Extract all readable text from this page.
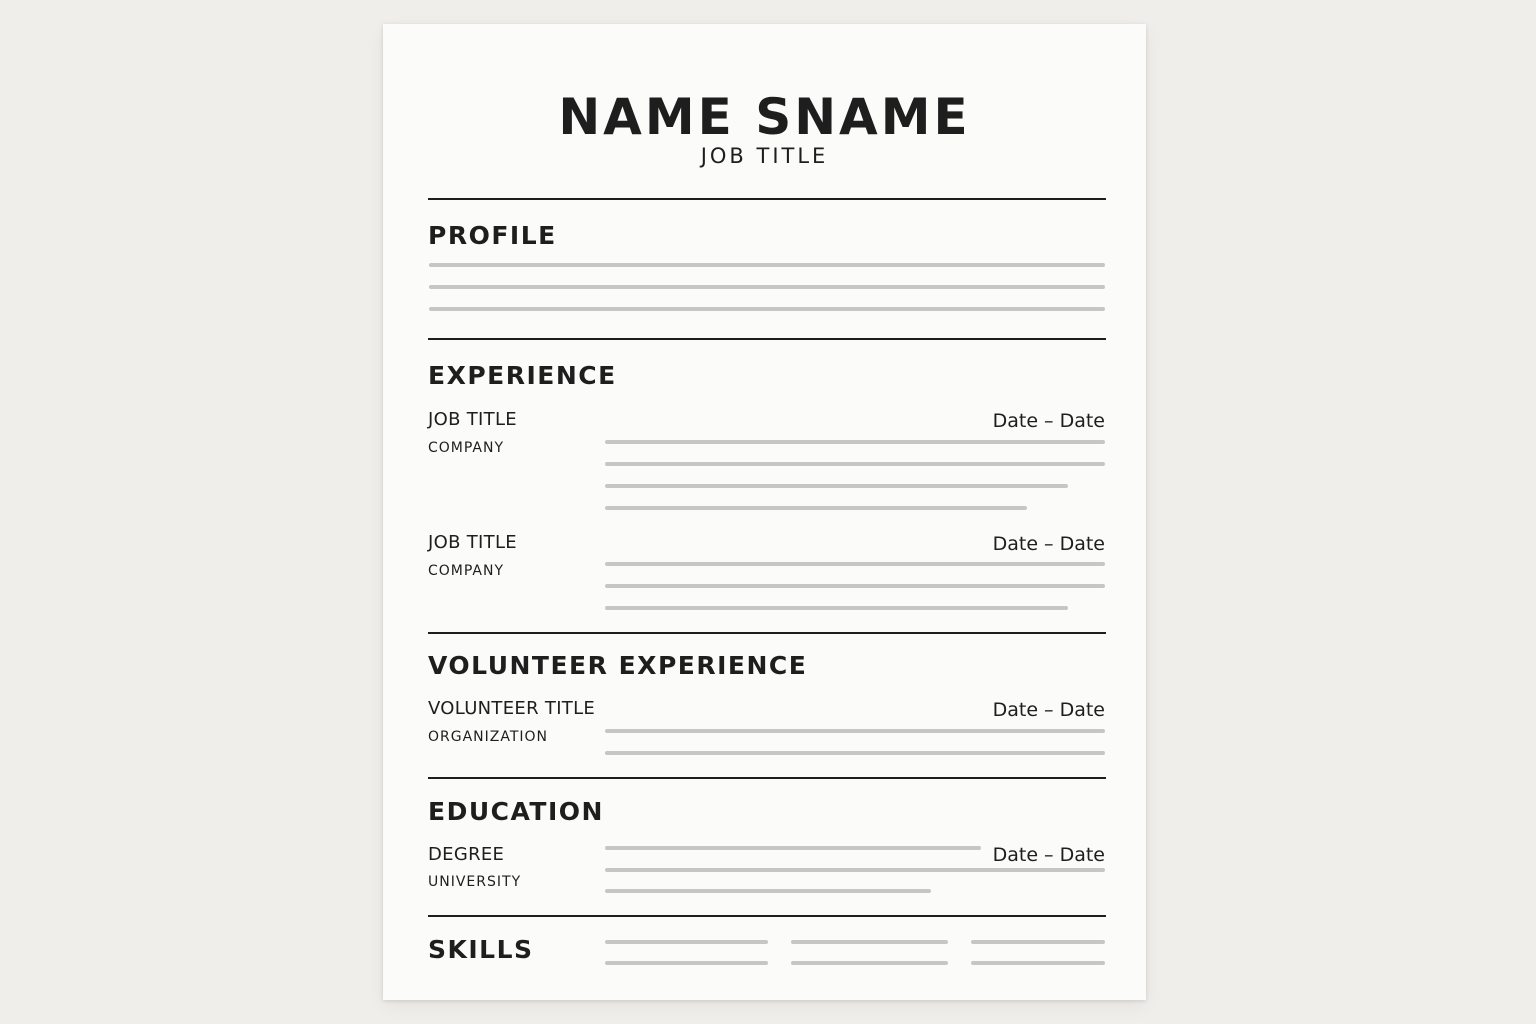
NAME SNAME
JOB TITLE
PROFILE
EXPERIENCE
JOB TITLE
COMPANY
Date – Date
JOB TITLE
COMPANY
Date – Date
VOLUNTEER EXPERIENCE
VOLUNTEER TITLE
ORGANIZATION
Date – Date
EDUCATION
DEGREE
UNIVERSITY
Date – Date
SKILLS
